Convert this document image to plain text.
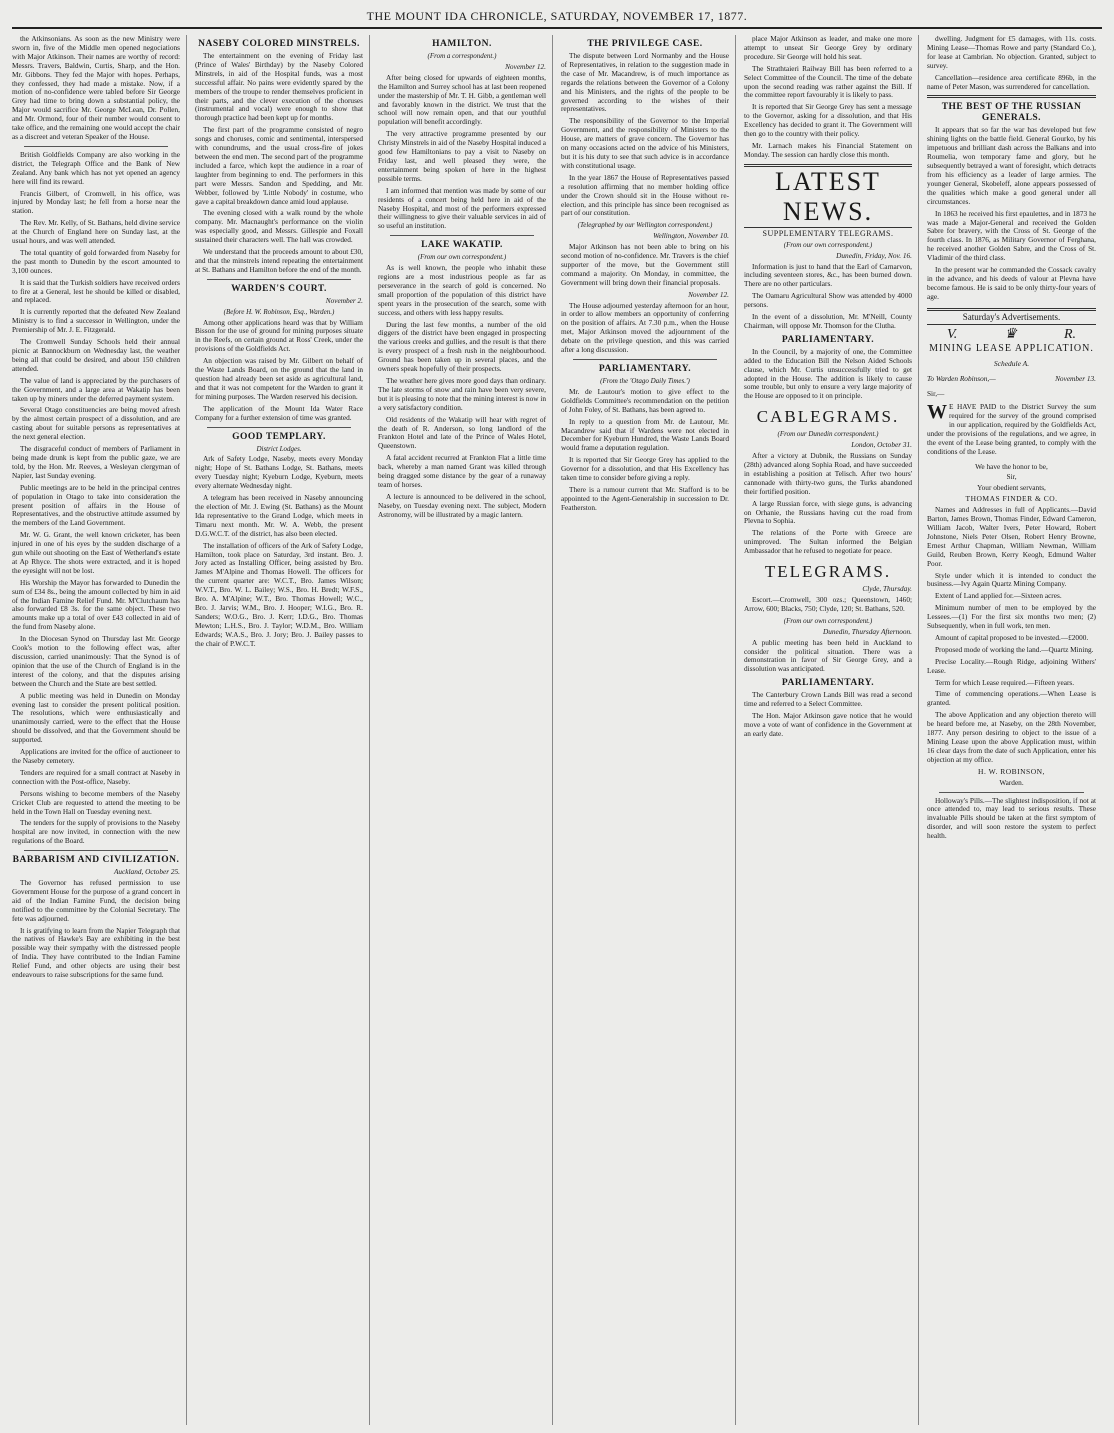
THE MOUNT IDA CHRONICLE, SATURDAY, NOVEMBER 17, 1877.

the Atkinsonians. As soon as the new Ministry were sworn in, five of the Middle men opened negociations with Major Atkinson. Their names are worthy of record: Messrs. Travers, Baldwin, Curtis, Sharp, and the Hon. Mr. Gibbons. They fed the Major with hopes. Perhaps, they confessed, they had made a mistake. Now, if a motion of no-confidence were tabled before Sir George Grey had time to bring down a substantial policy, the Major would sacrifice Mr. George McLean, Dr. Pollen, and Mr. Ormond, four of their number would consent to take office, and the remaining one would accept the chair as a discreet and veteran Speaker of the House.

British Goldfields Company are also working in the district, the Telegraph Office and the Bank of New Zealand. Any bank which has not yet opened an agency here will find its reward.

Francis Gilbert, of Cromwell, in his office, was injured by Monday last; he fell from a horse near the station.

The Rev. Mr. Kelly, of St. Bathans, held divine service at the Church of England here on Sunday last, at the usual hours, and was well attended.

The total quantity of gold forwarded from Naseby for the past month to Dunedin by the escort amounted to 3,100 ounces.

It is said that the Turkish soldiers have received orders to fire at a General, lest he should be killed or disabled, and replaced.

It is currently reported that the defeated New Zealand Ministry is to find a successor in Wellington, under the Premiership of Mr. J. E. Fitzgerald.

The Cromwell Sunday Schools held their annual picnic at Bannockburn on Wednesday last, the weather being all that could be desired, and about 150 children attended.

The value of land is appreciated by the purchasers of the Government, and a large area at Wakatip has been taken up by miners under the deferred payment system.

Several Otago constituencies are being moved afresh by the almost certain prospect of a dissolution, and are casting about for suitable persons as representatives at the next general election.

The disgraceful conduct of members of Parliament in being made drunk is kept from the public gaze, we are told, by the Hon. Mr. Reeves, a Wesleyan clergyman of Napier, last Sunday evening.

Public meetings are to be held in the principal centres of population in Otago to take into consideration the present position of affairs in the House of Representatives, and the obstructive attitude assumed by the members of the Land Government.

Mr. W. G. Grant, the well known cricketer, has been injured in one of his eyes by the sudden discharge of a gun while out shooting on the East of Wetherland's estate at Ap Rhyce. The shots were extracted, and it is hoped the eyesight will not be lost.

His Worship the Mayor has forwarded to Dunedin the sum of £34 8s., being the amount collected by him in aid of the Indian Famine Relief Fund. Mr. M'Clutchaum has also forwarded £8 3s. for the same object. These two amounts make up a total of over £43 collected in aid of the fund from Naseby alone.

In the Diocesan Synod on Thursday last Mr. George Cook's motion to the following effect was, after discussion, carried unanimously: That the Synod is of opinion that the use of the Church of England is in the interest of the colony, and that the disputes arising between the Church and the State are best settled.

A public meeting was held in Dunedin on Monday evening last to consider the present political position. The resolutions, which were enthusiastically and unanimously carried, were to the effect that the House should be dissolved, and that the Government should be supported.

Applications are invited for the office of auctioneer to the Naseby cemetery.

Tenders are required for a small contract at Naseby in connection with the Post-office, Naseby.

Persons wishing to become members of the Naseby Cricket Club are requested to attend the meeting to be held in the Town Hall on Tuesday evening next.

The tenders for the supply of provisions to the Naseby hospital are now invited, in connection with the new regulations of the Board.

BARBARISM AND CIVILIZATION.
Auckland, October 25.

The Governor has refused permission to use Government House for the purpose of a grand concert in aid of the Indian Famine Fund, the decision being notified to the committee by the Colonial Secretary. The fete was adjourned.

It is gratifying to learn from the Napier Telegraph that the natives of Hawke's Bay are exhibiting in the best possible way their sympathy with the distressed people of India. They have contributed to the Indian Famine Relief Fund, and other objects are using their best endeavours to raise subscriptions for the same fund.

NASEBY COLORED MINSTRELS.

The entertainment on the evening of Friday last (Prince of Wales' Birthday) by the Naseby Colored Minstrels, in aid of the Hospital funds, was a most successful affair. No pains were evidently spared by the members of the troupe to render themselves proficient in their parts, and the clever execution of the choruses (instrumental and vocal) were enough to show that thorough practice had been kept up for months.

The first part of the programme consisted of negro songs and choruses, comic and sentimental, interspersed with conundrums, and the usual cross-fire of jokes between the end men. The second part of the programme included a farce, which kept the audience in a roar of laughter from beginning to end. The performers in this part were Messrs. Sandon and Spedding, and Mr. Webber, followed by 'Little Nobody' in costume, who gave a capital breakdown dance amid loud applause.

The evening closed with a walk round by the whole company. Mr. Macnaught's performance on the violin was especially good, and Messrs. Gillespie and Foxall sustained their characters well. The hall was crowded.

We understand that the proceeds amount to about £30, and that the minstrels intend repeating the entertainment at St. Bathans and Hamilton before the end of the month.

WARDEN'S COURT.
November 2.
(Before H. W. Robinson, Esq., Warden.)

Among other applications heard was that by William Bisson for the use of ground for mining purposes situate in the Reefs, on certain ground at Ross' Creek, under the provisions of the Goldfields Act.

An objection was raised by Mr. Gilbert on behalf of the Waste Lands Board, on the ground that the land in question had already been set aside as agricultural land, and that it was not competent for the Warden to grant it for mining purposes. The Warden reserved his decision.

The application of the Mount Ida Water Race Company for a further extension of time was granted.

GOOD TEMPLARY.
District Lodges.

Ark of Safety Lodge, Naseby, meets every Monday night; Hope of St. Bathans Lodge, St. Bathans, meets every Tuesday night; Kyeburn Lodge, Kyeburn, meets every alternate Wednesday night.

A telegram has been received in Naseby announcing the election of Mr. J. Ewing (St. Bathans) as the Mount Ida representative to the Grand Lodge, which meets in Timaru next month. Mr. W. A. Webb, the present D.G.W.C.T. of the district, has also been elected.

The installation of officers of the Ark of Safety Lodge, Hamilton, took place on Saturday, 3rd instant. Bro. J. Jory acted as Installing Officer, being assisted by Bro. James M'Alpine and Thomas Howell. The officers for the current quarter are: W.C.T., Bro. James Wilson; W.V.T., Bro. W. L. Bailey; W.S., Bro. H. Bredt; W.F.S., Bro. A. M'Alpine; W.T., Bro. Thomas Howell; W.C., Bro. J. Jarvis; W.M., Bro. J. Hooper; W.I.G., Bro. R. Sanders; W.O.G., Bro. J. Kerr; I.D.G., Bro. Thomas Mewton; L.H.S., Bro. J. Taylor; W.D.M., Bro. William Edwards; W.A.S., Bro. J. Jory; Bro. J. Bailey passes to the chair of P.W.C.T.

HAMILTON.
(From a correspondent.)
November 12.

After being closed for upwards of eighteen months, the Hamilton and Surrey school has at last been reopened under the mastership of Mr. T. H. Gibb, a gentleman well and favorably known in the district. We trust that the school will now remain open, and that our youthful population will benefit accordingly.

The very attractive programme presented by our Christy Minstrels in aid of the Naseby Hospital induced a good few Hamiltonians to pay a visit to Naseby on Friday last, and well pleased they were, the entertainment being spoken of here in the highest possible terms.

I am informed that mention was made by some of our residents of a concert being held here in aid of the Naseby Hospital, and most of the performers expressed their willingness to give their valuable services in aid of so useful an institution.

LAKE WAKATIP.
(From our own correspondent.)

As is well known, the people who inhabit these regions are a most industrious people as far as perseverance in the search of gold is concerned. No small proportion of the population of this district have spent years in the prosecution of the search, some with success, and others with less happy results.

During the last few months, a number of the old diggers of the district have been engaged in prospecting the various creeks and gullies, and the result is that there is every prospect of a fresh rush in the neighbourhood. Ground has been taken up in several places, and the owners speak hopefully of their prospects.

The weather here gives more good days than ordinary. The late storms of snow and rain have been very severe, but it is pleasing to note that the mining interest is now in a very satisfactory condition.

Old residents of the Wakatip will hear with regret of the death of R. Anderson, so long landlord of the Frankton Hotel and late of the Prince of Wales Hotel, Queenstown.

A fatal accident recurred at Frankton Flat a little time back, whereby a man named Grant was killed through being dragged some distance by the gear of a runaway team of horses.

A lecture is announced to be delivered in the school, Naseby, on Tuesday evening next. The subject, Modern Astronomy, will be illustrated by a magic lantern.

THE PRIVILEGE CASE.

The dispute between Lord Normanby and the House of Representatives, in relation to the suggestion made in the case of Mr. Macandrew, is of much importance as regards the relations between the Governor of a Colony and his Ministers, and the rights of the people to be governed according to the wishes of their representatives.

The responsibility of the Governor to the Imperial Government, and the responsibility of Ministers to the House, are matters of grave concern. The Governor has on many occasions acted on the advice of his Ministers, but it is his duty to see that such advice is in accordance with constitutional usage.

In the year 1867 the House of Representatives passed a resolution affirming that no member holding office under the Crown should sit in the House without re-election, and this principle has since been recognised as part of our constitution.

(Telegraphed by our Wellington correspondent.)
Wellington, November 10.

Major Atkinson has not been able to bring on his second motion of no-confidence. Mr. Travers is the chief supporter of the move, but the Government still command a majority. On Monday, in committee, the Government will bring down their financial proposals.

November 12.

The House adjourned yesterday afternoon for an hour, in order to allow members an opportunity of conferring on the position of affairs. At 7.30 p.m., when the House met, Major Atkinson moved the adjournment of the debate on the privilege question, and this was carried after a long discussion.

PARLIAMENTARY.
(From the 'Otago Daily Times.')

Mr. de Lautour's motion to give effect to the Goldfields Committee's recommendation on the petition of John Foley, of St. Bathans, has been agreed to.

In reply to a question from Mr. de Lautour, Mr. Macandrew said that if Wardens were not elected in December for Kyeburn Hundred, the Waste Lands Board would frame a deputation regulation.

It is reported that Sir George Grey has applied to the Governor for a dissolution, and that His Excellency has taken time to consider before giving a reply.

There is a rumour current that Mr. Stafford is to be appointed to the Agent-Generalship in succession to Dr. Featherston.

place Major Atkinson as leader, and make one more attempt to unseat Sir George Grey by ordinary procedure. Sir George will hold his seat.

The Strathtaieri Railway Bill has been referred to a Select Committee of the Council. The time of the debate upon the second reading was rather against the Bill. If the committee report favourably it is likely to pass.

It is reported that Sir George Grey has sent a message to the Governor, asking for a dissolution, and that His Excellency has decided to grant it. The Government will then go to the country with their policy.

Mr. Larnach makes his Financial Statement on Monday. The session can hardly close this month.

LATEST NEWS.
SUPPLEMENTARY TELEGRAMS.
(From our own correspondent.)
Dunedin, Friday, Nov. 16.

Information is just to hand that the Earl of Carnarvon, including seventeen stores, &c., has been burned down. There are no other particulars.

The Oamaru Agricultural Show was attended by 4000 persons.

In the event of a dissolution, Mr. M'Neill, County Chairman, will oppose Mr. Thomson for the Clutha.

PARLIAMENTARY.

In the Council, by a majority of one, the Committee added to the Education Bill the Nelson Aided Schools clause, which Mr. Curtis unsuccessfully tried to get adopted in the House. The addition is likely to cause some trouble, but only to ensure a very large majority of the House are opposed to it on principle.

CABLEGRAMS.
(From our Dunedin correspondent.)
London, October 31.

After a victory at Dubnik, the Russians on Sunday (28th) advanced along Sophia Road, and have succeeded in establishing a position at Telisch. After two hours' cannonade with thirty-two guns, the Turks abandoned their fortified position.

A large Russian force, with siege guns, is advancing on Orhanie, the Russians having cut the road from Plevna to Sophia.

The relations of the Porte with Greece are unimproved. The Sultan informed the Belgian Ambassador that he refused to negotiate for peace.

TELEGRAMS.
Clyde, Thursday.

Escort.—Cromwell, 300 ozs.; Queenstown, 1460; Arrow, 600; Blacks, 750; Clyde, 120; St. Bathans, 520.

(From our own correspondent.)
Dunedin, Thursday Afternoon.

A public meeting has been held in Auckland to consider the political situation. There was a demonstration in favor of Sir George Grey, and a dissolution was anticipated.

PARLIAMENTARY.

The Canterbury Crown Lands Bill was read a second time and referred to a Select Committee.

The Hon. Major Atkinson gave notice that he would move a vote of want of confidence in the Government at an early date.

dwelling. Judgment for £5 damages, with 11s. costs. Mining Lease—Thomas Rowe and party (Standard Co.), for lease at Cambrian. No objection. Granted, subject to survey.

Cancellation—residence area certificate 896b, in the name of Peter Mason, was surrendered for cancellation.

THE BEST OF THE RUSSIAN GENERALS.

It appears that so far the war has developed but few shining lights on the battle field. General Gourko, by his impetuous and brilliant dash across the Balkans and into Roumelia, won temporary fame and glory, but he subsequently betrayed a want of foresight, which detracts from his efficiency as a leader of large armies. The younger General, Skobeleff, alone appears possessed of the qualities which make a good general under all circumstances.

In 1863 he received his first epaulettes, and in 1873 he was made a Major-General and received the Golden Sabre for bravery, with the Cross of St. George of the fourth class. In 1876, as Military Governor of Ferghana, he received another Golden Sabre, and the Cross of St. Vladimir of the third class.

In the present war he commanded the Cossack cavalry in the advance, and his deeds of valour at Plevna have become famous. He is said to be only thirty-four years of age.

Saturday's Advertisements.
V.	♛	R.
MINING LEASE APPLICATION.
Schedule A.
To Warden Robinson,—	November 13.
Sir,—
W E HAVE PAID to the District Survey the sum required for the survey of the ground comprised in our application, required by the Goldfields Act, under the provisions of the regulations, and we agree, in the event of the Lease being granted, to comply with the conditions of the Lease.
We have the honor to be,
Sir,
Your obedient servants,
THOMAS FINDER & CO.

Names and Addresses in full of Applicants.—David Barton, James Brown, Thomas Finder, Edward Cameron, William Jacob, Walter Ivers, Peter Howard, Robert Johnstone, Niels Peter Olsen, Robert Henry Browne, Ernest Arthur Chapman, William Newman, William Guild, Reuben Brown, Kerry Keogh, Edmund Walter Poor.

Style under which it is intended to conduct the business.—Ivy Again Quartz Mining Company.

Extent of Land applied for.—Sixteen acres.

Minimum number of men to be employed by the Lessees.—(1) For the first six months two men; (2) Subsequently, when in full work, ten men.

Amount of capital proposed to be invested.—£2000.

Proposed mode of working the land.—Quartz Mining.

Precise Locality.—Rough Ridge, adjoining Withers' Lease.

Term for which Lease required.—Fifteen years.

Time of commencing operations.—When Lease is granted.

The above Application and any objection thereto will be heard before me, at Naseby, on the 28th November, 1877. Any person desiring to object to the issue of a Mining Lease upon the above Application must, within 16 clear days from the date of such Application, enter his objection at my office.

H. W. ROBINSON,
Warden.

Holloway's Pills.—The slightest indisposition, if not at once attended to, may lead to serious results. These invaluable Pills should be taken at the first symptom of disorder, and will soon restore the system to perfect health.
